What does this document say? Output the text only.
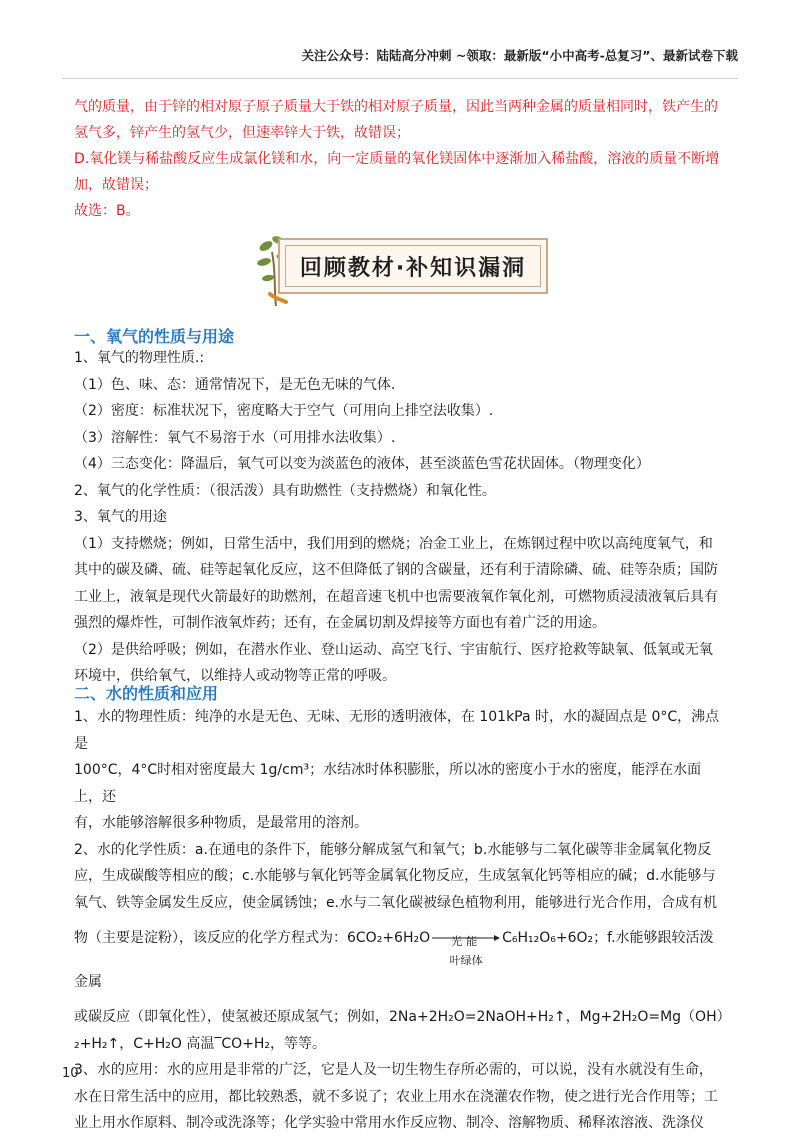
关注公众号：陆陆高分冲刺 ~领取：最新版“小中高考-总复习”、最新试卷下载

气的质量，由于锌的相对原子原子质量大于铁的相对原子质量，因此当两种金属的质量相同时，铁产生的

氢气多，锌产生的氢气少，但速率锌大于铁，故错误；

D.氧化镁与稀盐酸反应生成氯化镁和水，向一定质量的氧化镁固体中逐渐加入稀盐酸，溶液的质量不断增

加，故错误；

故选：B。

回顾教材·补知识漏洞
一、氧气的性质与用途

1、氧气的物理性质.:

（1）色、味、态：通常情况下，是无色无味的气体.

（2）密度：标准状况下，密度略大于空气（可用向上排空法收集）.

（3）溶解性：氧气不易溶于水（可用排水法收集）.

（4）三态变化：降温后，氧气可以变为淡蓝色的液体，甚至淡蓝色雪花状固体。（物理变化）

2、氧气的化学性质：（很活泼）具有助燃性（支持燃烧）和氧化性。

3、氧气的用途

（1）支持燃烧；例如，日常生活中，我们用到的燃烧；冶金工业上，在炼钢过程中吹以高纯度氧气，和

其中的碳及磷、硫、硅等起氧化反应，这不但降低了钢的含碳量，还有利于清除磷、硫、硅等杂质；国防

工业上，液氧是现代火箭最好的助燃剂，在超音速飞机中也需要液氧作氧化剂，可燃物质浸渍液氧后具有

强烈的爆炸性，可制作液氧炸药；还有，在金属切割及焊接等方面也有着广泛的用途。

（2）是供给呼吸；例如，在潜水作业、登山运动、高空飞行、宇宙航行、医疗抢救等缺氧、低氧或无氧

环境中，供给氧气，以维持人或动物等正常的呼吸。

二、水的性质和应用

1、水的物理性质：纯净的水是无色、无味、无形的透明液体，在 101kPa 时，水的凝固点是 0°C，沸点是

100°C，4°C时相对密度最大 1g/cm³；水结冰时体积膨胀，所以冰的密度小于水的密度，能浮在水面上，还

有，水能够溶解很多种物质，是最常用的溶剂。

2、水的化学性质：a.在通电的条件下，能够分解成氢气和氧气；b.水能够与二氧化碳等非金属氧化物反

应，生成碳酸等相应的酸；c.水能够与氧化钙等金属氧化物反应，生成氢氧化钙等相应的碱；d.水能够与

氧气、铁等金属发生反应，使金属锈蚀；e.水与二氧化碳被绿色植物利用，能够进行光合作用，合成有机

物（主要是淀粉），该反应的化学方程式为：6CO₂+6H₂O	光能
叶绿体
C₆H₁₂O₆+6O₂；f.水能够跟较活泼金属

或碳反应（即氧化性），使氢被还原成氢气；例如，2Na+2H₂O=2NaOH+H₂↑，Mg+2H₂O=Mg（OH）

₂+H₂↑，C+H₂O 高温‾CO+H₂，等等。

3、水的应用：水的应用是非常的广泛，它是人及一切生物生存所必需的，可以说，没有水就没有生命，

水在日常生活中的应用，都比较熟悉，就不多说了；农业上用水在浇灌农作物，使之进行光合作用等；工

业上用水作原料、制冷或洗涤等；化学实验中常用水作反应物、制冷、溶解物质、稀释浓溶液、洗涤仪

10
